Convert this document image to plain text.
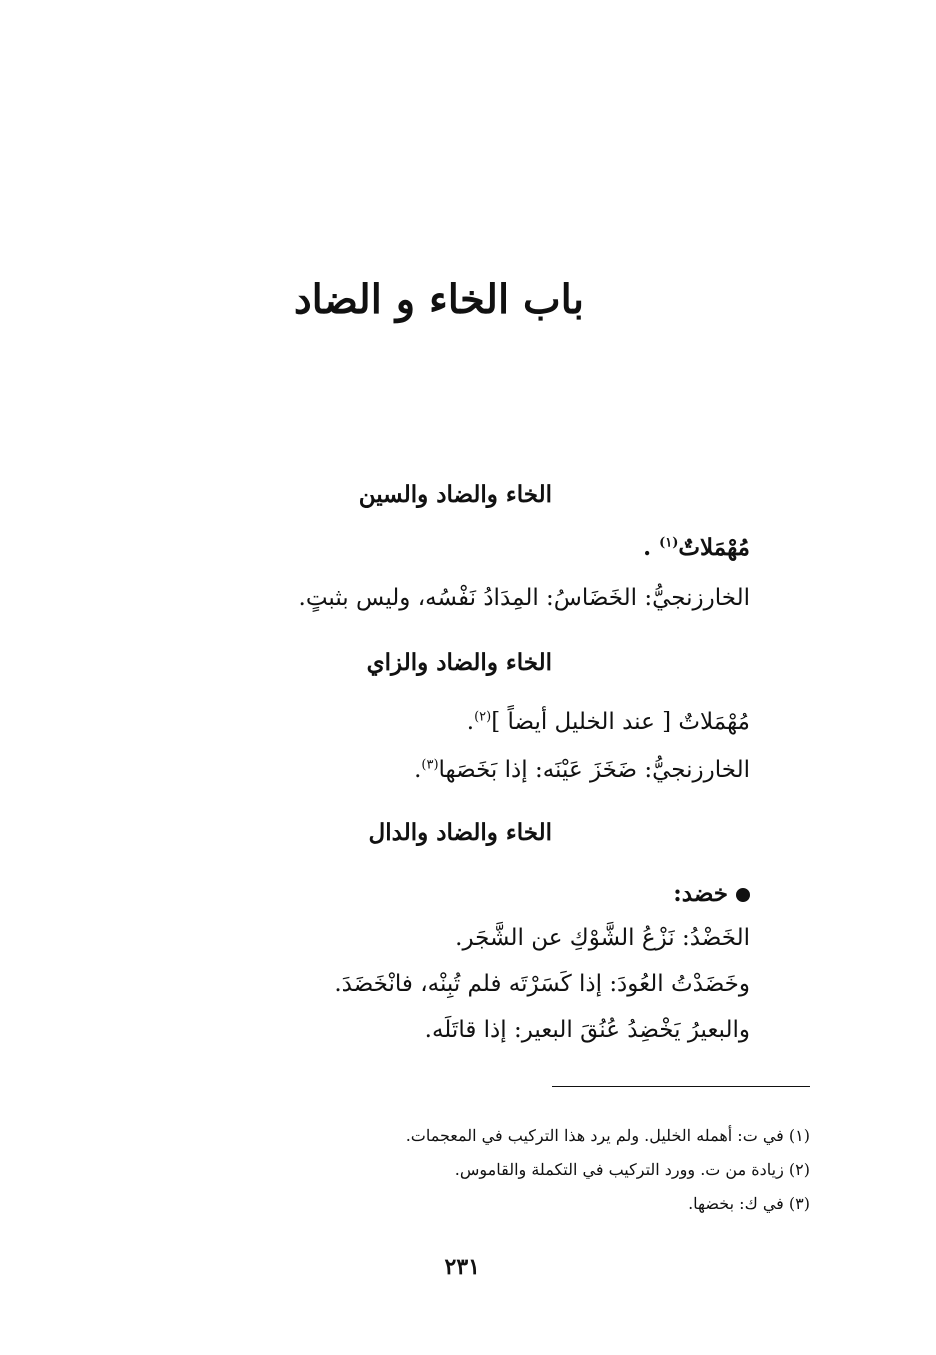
باب الخاء و الضاد
الخاء والضاد والسين
مُهْمَلاتٌ$^{(١)}$ .
الخارزنجيُّ: الخَضَاسُ: المِدَادُ نَفْسُه، وليس بثبتٍ.
الخاء والضاد والزاي
مُهْمَلاتٌ [ عند الخليل أيضاً ]$^{(٢)}$.
الخارزنجيُّ: ضَخَزَ عَيْنَه: إذا بَخَصَها$^{(٣)}$.
الخاء والضاد والدال
خضد:
الخَضْدُ: نَزْعُ الشَّوْكِ عن الشَّجَر.
وخَضَدْتُ العُودَ: إذا كَسَرْتَه فلم تُبِنْه، فانْخَضَدَ.
والبعيرُ يَخْضِدُ عُنُقَ البعير: إذا قاتَلَه.
(١) في ت: أهمله الخليل. ولم يرد هذا التركيب في المعجمات.
(٢) زيادة من ت. وورد التركيب في التكملة والقاموس.
(٣) في ك: بخضها.
٢٣١
